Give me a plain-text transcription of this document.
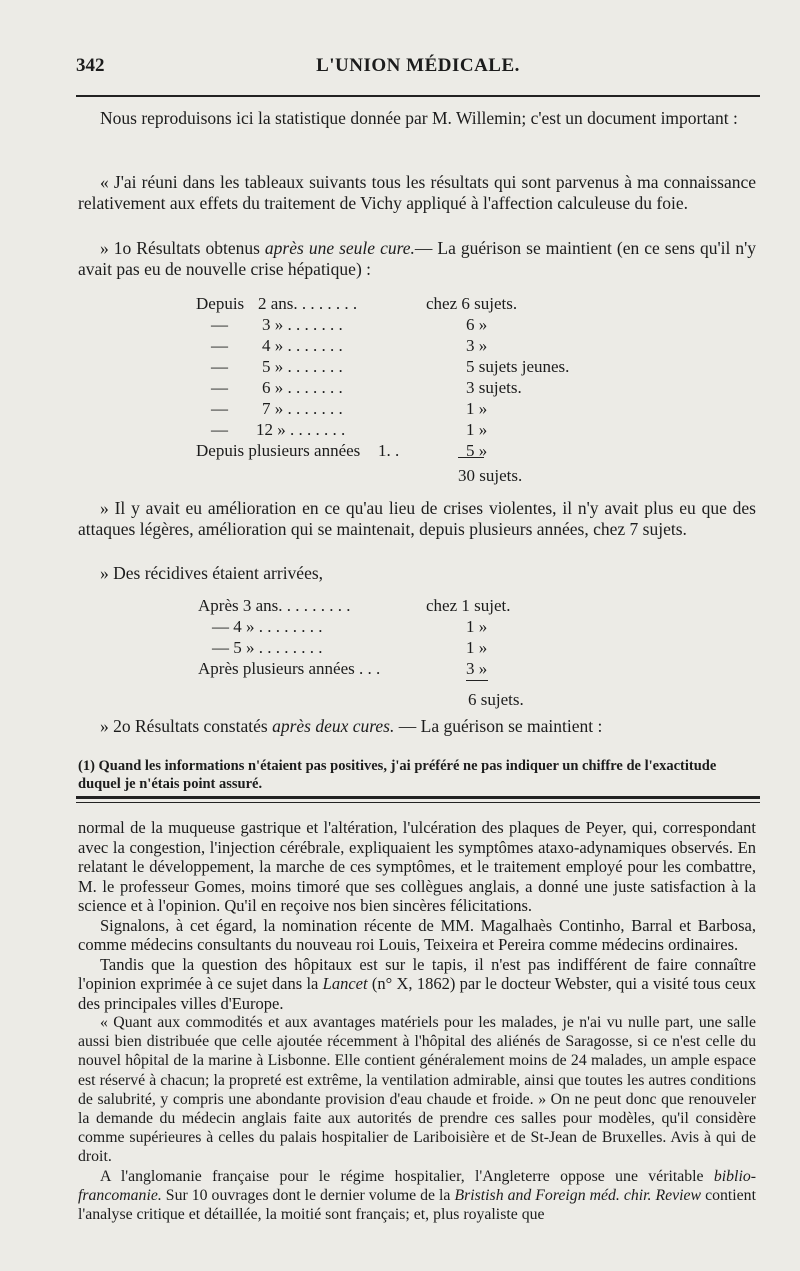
342	L'UNION MÉDICALE.

Nous reproduisons ici la statistique donnée par M. Willemin; c'est un document important :

« J'ai réuni dans les tableaux suivants tous les résultats qui sont parvenus à ma connaissance relativement aux effets du traitement de Vichy appliqué à l'affection calculeuse du foie.

» 1o Résultats obtenus après une seule cure.— La guérison se maintient (en ce sens qu'il n'y avait pas eu de nouvelle crise hépatique) :

Depuis 2 ans. . . . . . . .	chez 6 sujets.
— 3 » . . . . . . .	6 »
— 4 » . . . . . . .	3 »
— 5 » . . . . . . .	5 sujets jeunes.
— 6 » . . . . . . .	3 sujets.
— 7 » . . . . . . .	1 »
— 12 » . . . . . . .	1 »
Depuis plusieurs années 1. .	5 »
30 sujets.

» Il y avait eu amélioration en ce qu'au lieu de crises violentes, il n'y avait plus eu que des attaques légères, amélioration qui se maintenait, depuis plusieurs années, chez 7 sujets.

» Des récidives étaient arrivées,

Après 3 ans. . . . . . . . .	chez 1 sujet.
— 4 » . . . . . . . .	1 »
— 5 » . . . . . . . .	1 »
Après plusieurs années . . .	3 »
6 sujets.

» 2o Résultats constatés après deux cures. — La guérison se maintient :

(1) Quand les informations n'étaient pas positives, j'ai préféré ne pas indiquer un chiffre de l'exactitude duquel je n'étais point assuré.

normal de la muqueuse gastrique et l'altération, l'ulcération des plaques de Peyer, qui, correspondant avec la congestion, l'injection cérébrale, expliquaient les symptômes ataxo-adynamiques observés. En relatant le développement, la marche de ces symptômes, et le traitement employé pour les combattre, M. le professeur Gomes, moins timoré que ses collègues anglais, a donné une juste satisfaction à la science et à l'opinion. Qu'il en reçoive nos bien sincères félicitations.

Signalons, à cet égard, la nomination récente de MM. Magalhaès Continho, Barral et Barbosa, comme médecins consultants du nouveau roi Louis, Teixeira et Pereira comme médecins ordinaires.

Tandis que la question des hôpitaux est sur le tapis, il n'est pas indifférent de faire connaître l'opinion exprimée à ce sujet dans la Lancet (n° X, 1862) par le docteur Webster, qui a visité tous ceux des principales villes d'Europe.

« Quant aux commodités et aux avantages matériels pour les malades, je n'ai vu nulle part, une salle aussi bien distribuée que celle ajoutée récemment à l'hôpital des aliénés de Saragosse, si ce n'est celle du nouvel hôpital de la marine à Lisbonne. Elle contient généralement moins de 24 malades, un ample espace est réservé à chacun; la propreté est extrême, la ventilation admirable, ainsi que toutes les autres conditions de salubrité, y compris une abondante provision d'eau chaude et froide. » On ne peut donc que renouveler la demande du médecin anglais faite aux autorités de prendre ces salles pour modèles, qu'il considère comme supérieures à celles du palais hospitalier de Lariboisière et de St-Jean de Bruxelles. Avis à qui de droit.

A l'anglomanie française pour le régime hospitalier, l'Angleterre oppose une véritable biblio-francomanie. Sur 10 ouvrages dont le dernier volume de la Bristish and Foreign méd. chir. Review contient l'analyse critique et détaillée, la moitié sont français; et, plus royaliste que
